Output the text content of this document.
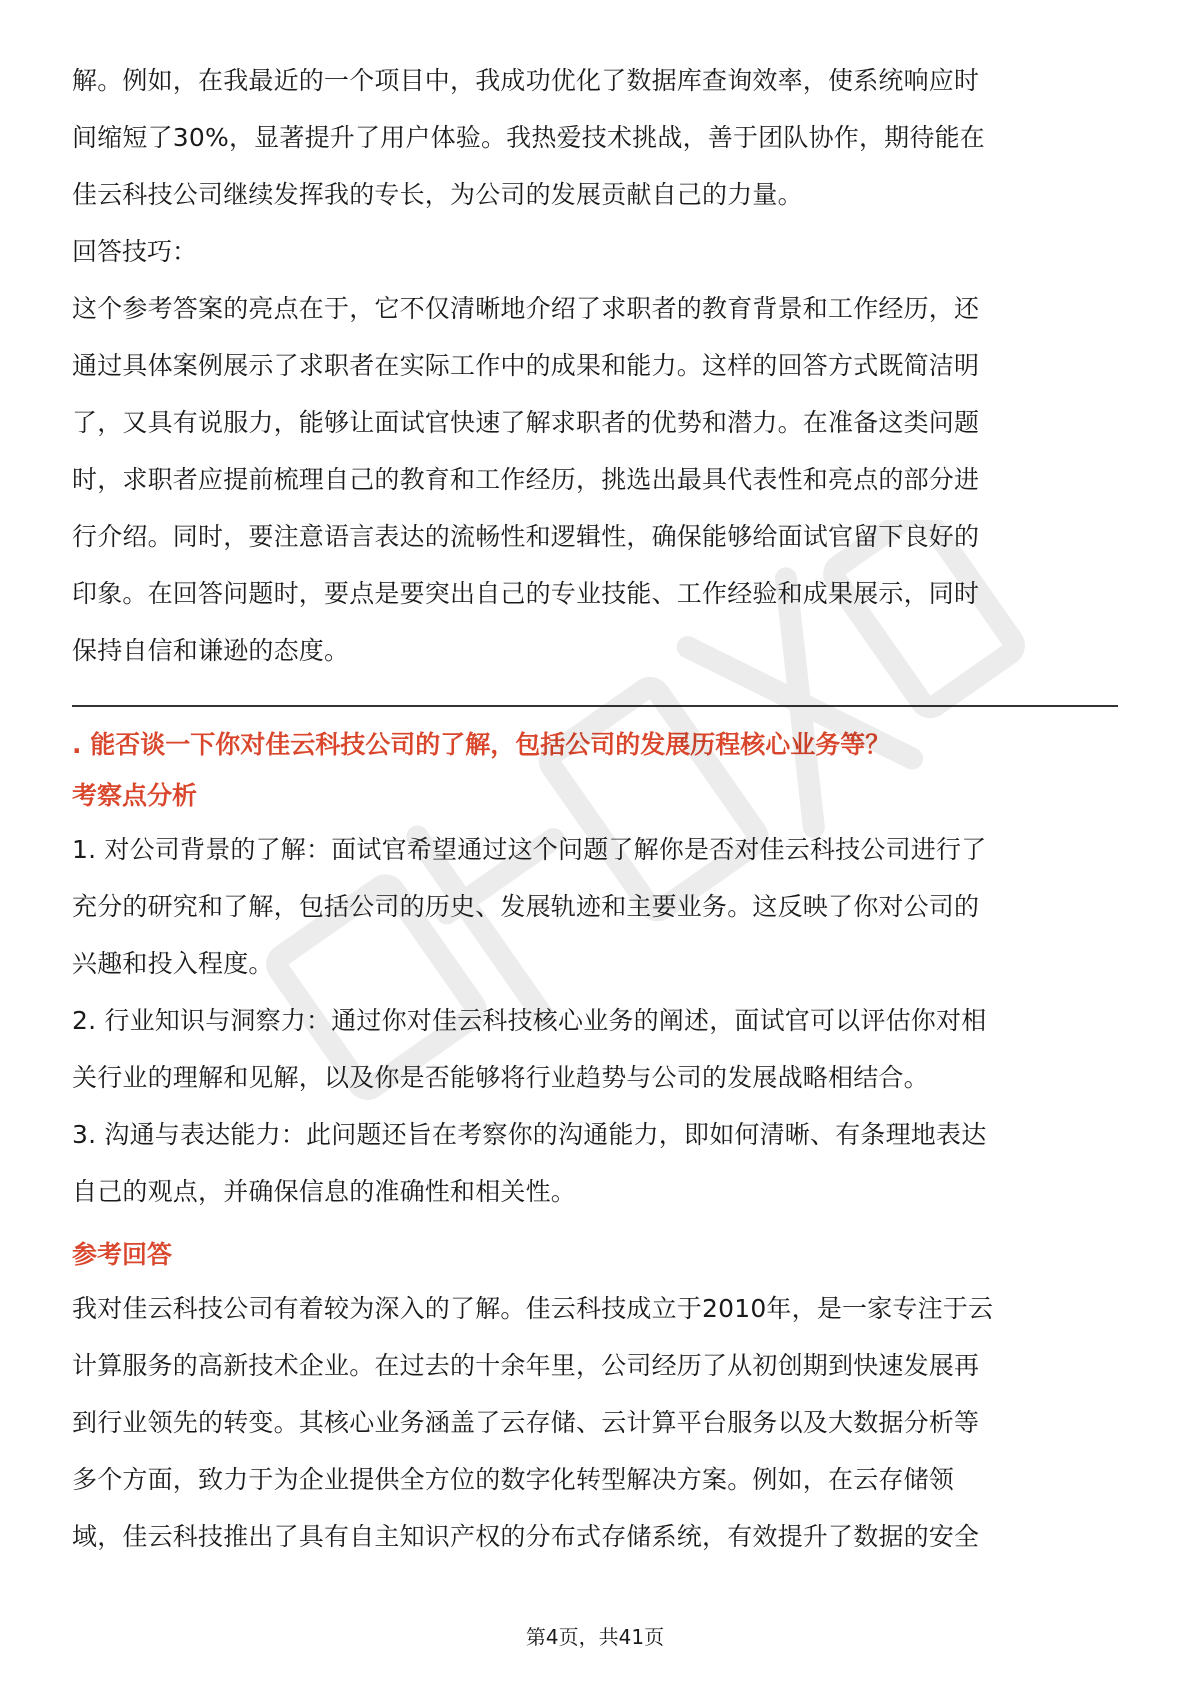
解。例如，在我最近的一个项目中，我成功优化了数据库查询效率，使系统响应时

间缩短了30%，显著提升了用户体验。我热爱技术挑战，善于团队协作，期待能在

佳云科技公司继续发挥我的专长，为公司的发展贡献自己的力量。

回答技巧：

这个参考答案的亮点在于，它不仅清晰地介绍了求职者的教育背景和工作经历，还

通过具体案例展示了求职者在实际工作中的成果和能力。这样的回答方式既简洁明

了，又具有说服力，能够让面试官快速了解求职者的优势和潜力。在准备这类问题

时，求职者应提前梳理自己的教育和工作经历，挑选出最具代表性和亮点的部分进

行介绍。同时，要注意语言表达的流畅性和逻辑性，确保能够给面试官留下良好的

印象。在回答问题时，要点是要突出自己的专业技能、工作经验和成果展示，同时

保持自信和谦逊的态度。

. 能否谈一下你对佳云科技公司的了解，包括公司的发展历程核心业务等？

考察点分析

1. 对公司背景的了解：面试官希望通过这个问题了解你是否对佳云科技公司进行了

充分的研究和了解，包括公司的历史、发展轨迹和主要业务。这反映了你对公司的

兴趣和投入程度。

2. 行业知识与洞察力：通过你对佳云科技核心业务的阐述，面试官可以评估你对相

关行业的理解和见解，以及你是否能够将行业趋势与公司的发展战略相结合。

3. 沟通与表达能力：此问题还旨在考察你的沟通能力，即如何清晰、有条理地表达

自己的观点，并确保信息的准确性和相关性。

参考回答

我对佳云科技公司有着较为深入的了解。佳云科技成立于2010年，是一家专注于云

计算服务的高新技术企业。在过去的十余年里，公司经历了从初创期到快速发展再

到行业领先的转变。其核心业务涵盖了云存储、云计算平台服务以及大数据分析等

多个方面，致力于为企业提供全方位的数字化转型解决方案。例如，在云存储领

域，佳云科技推出了具有自主知识产权的分布式存储系统，有效提升了数据的安全

第4页，共41页
